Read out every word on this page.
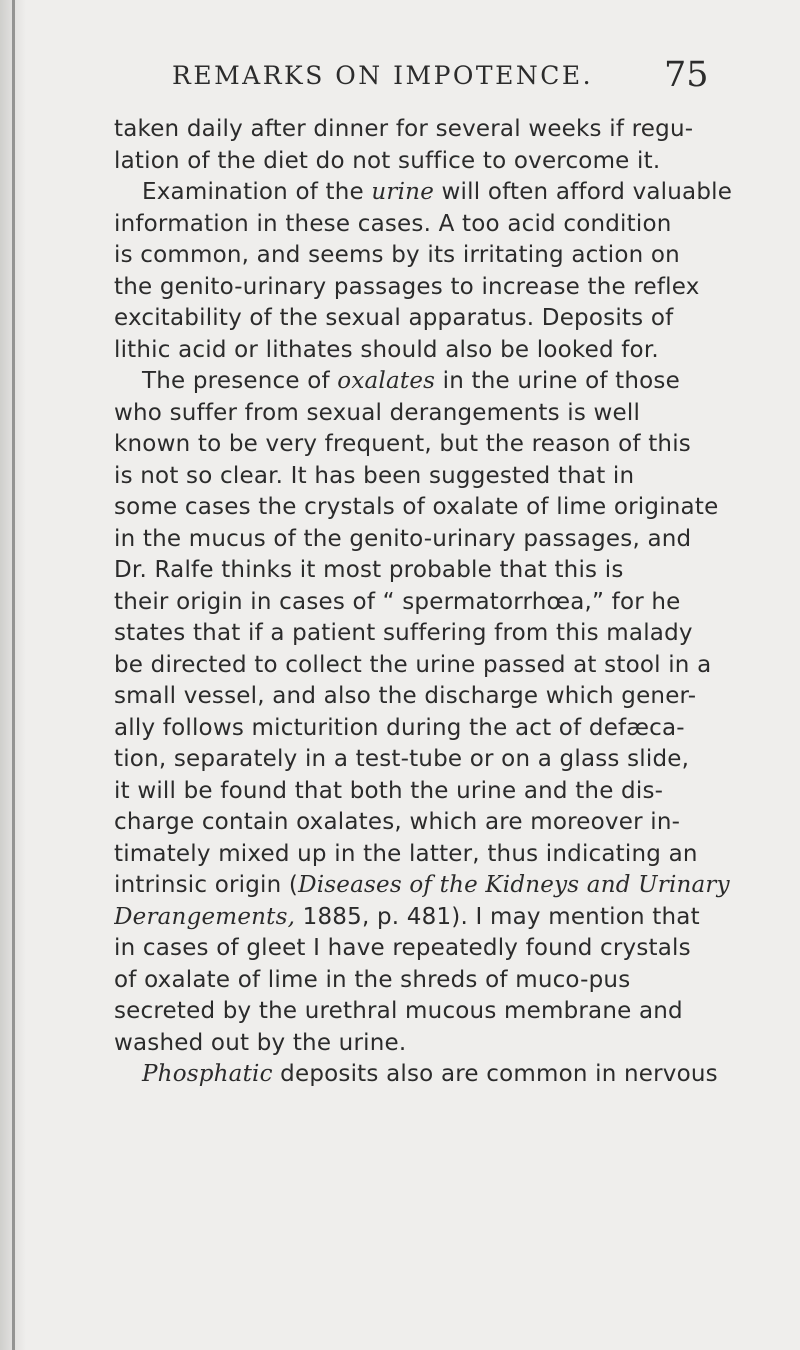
REMARKS ON IMPOTENCE. 75
taken daily after dinner for several weeks if regu-
lation of the diet do not suffice to overcome it.
Examination of the urine will often afford valuable
information in these cases. A too acid condition
is common, and seems by its irritating action on
the genito-urinary passages to increase the reflex
excitability of the sexual apparatus. Deposits of
lithic acid or lithates should also be looked for.
The presence of oxalates in the urine of those
who suffer from sexual derangements is well
known to be very frequent, but the reason of this
is not so clear. It has been suggested that in
some cases the crystals of oxalate of lime originate
in the mucus of the genito-urinary passages, and
Dr. Ralfe thinks it most probable that this is
their origin in cases of “ spermatorrhœa,” for he
states that if a patient suffering from this malady
be directed to collect the urine passed at stool in a
small vessel, and also the discharge which gener-
ally follows micturition during the act of defæca-
tion, separately in a test-tube or on a glass slide,
it will be found that both the urine and the dis-
charge contain oxalates, which are moreover in-
timately mixed up in the latter, thus indicating an
intrinsic origin (Diseases of the Kidneys and Urinary
Derangements, 1885, p. 481). I may mention that
in cases of gleet I have repeatedly found crystals
of oxalate of lime in the shreds of muco-pus
secreted by the urethral mucous membrane and
washed out by the urine.
Phosphatic deposits also are common in nervous
